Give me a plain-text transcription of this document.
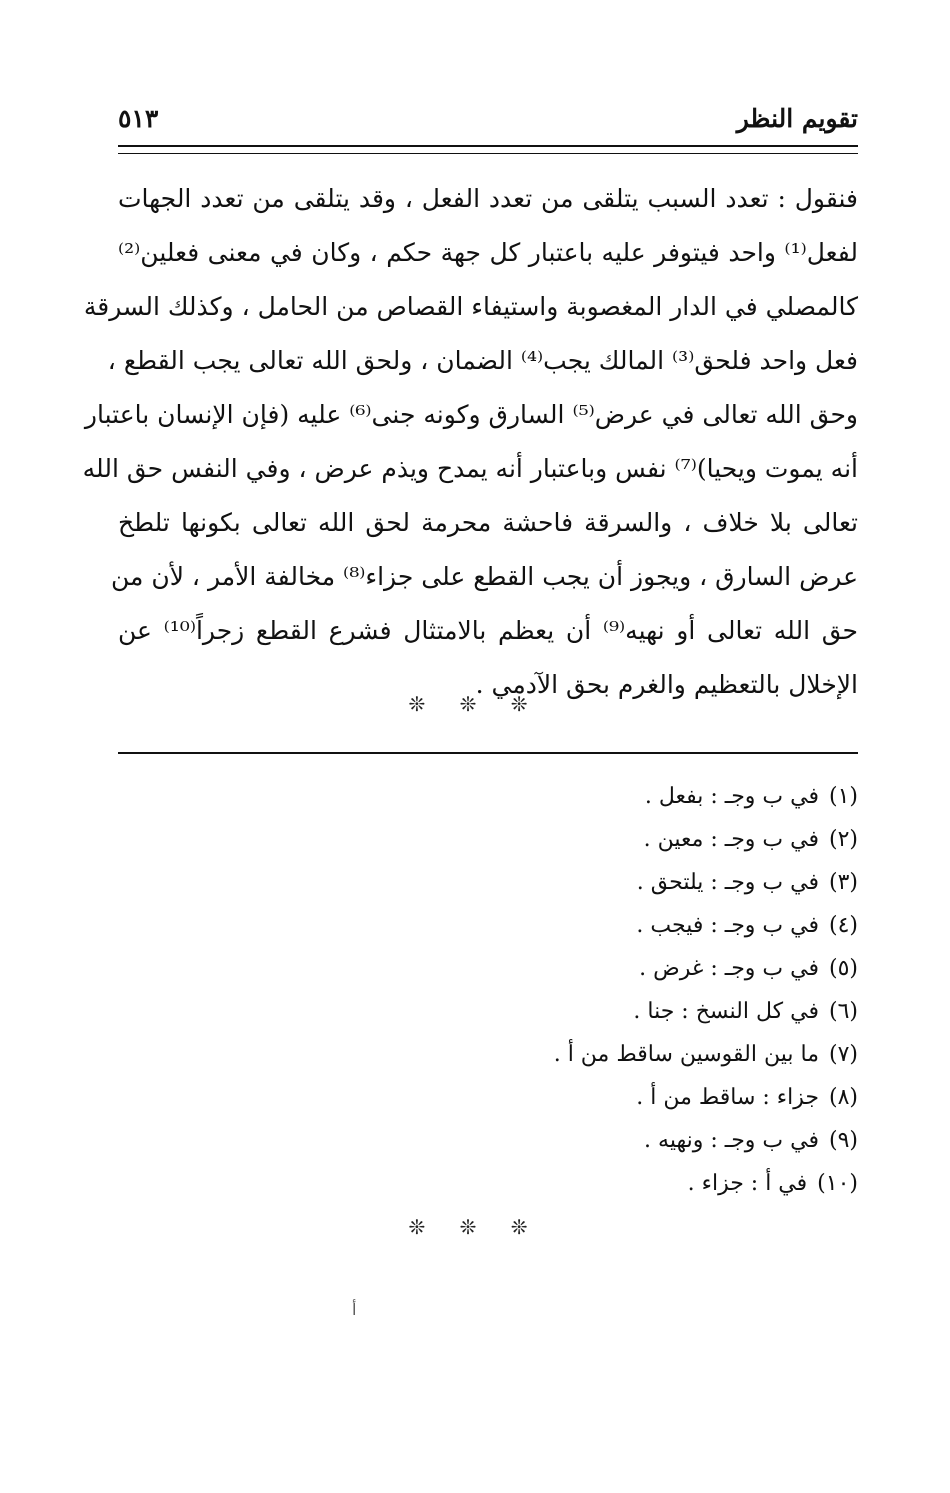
تقويم النظر
٥١٣
فنقول : تعدد السبب يتلقى من تعدد الفعل ، وقد يتلقى من تعدد الجهات
لفعل⁽¹⁾ واحد فيتوفر عليه باعتبار كل جهة حكم ، وكان في معنى فعلين⁽²⁾
كالمصلي في الدار المغصوبة واستيفاء القصاص من الحامل ، وكذلك السرقة
فعل واحد فلحق⁽³⁾ المالك يجب⁽⁴⁾ الضمان ، ولحق الله تعالى يجب القطع ،
وحق الله تعالى في عرض⁽⁵⁾ السارق وكونه جنى⁽⁶⁾ عليه (فإن الإنسان باعتبار
أنه يموت ويحيا)⁽⁷⁾ نفس وباعتبار أنه يمدح ويذم عرض ، وفي النفس حق الله
تعالى بلا خلاف ، والسرقة فاحشة محرمة لحق الله تعالى بكونها تلطخ
عرض السارق ، ويجوز أن يجب القطع على جزاء⁽⁸⁾ مخالفة الأمر ، لأن من
حق الله تعالى أو نهيه⁽⁹⁾ أن يعظم بالامتثال فشرع القطع زجراً⁽¹⁰⁾ عن
الإخلال بالتعظيم والغرم بحق الآدمي .
❊ ❊ ❊
(١)في ب وجـ : بفعل .
(٢)في ب وجـ : معين .
(٣)في ب وجـ : يلتحق .
(٤)في ب وجـ : فيجب .
(٥)في ب وجـ : غرض .
(٦)في كل النسخ : جنا .
(٧)ما بين القوسين ساقط من أ .
(٨)جزاء : ساقط من أ .
(٩)في ب وجـ : ونهيه .
(١٠)في أ : جزاء .
❊ ❊ ❊
أ
